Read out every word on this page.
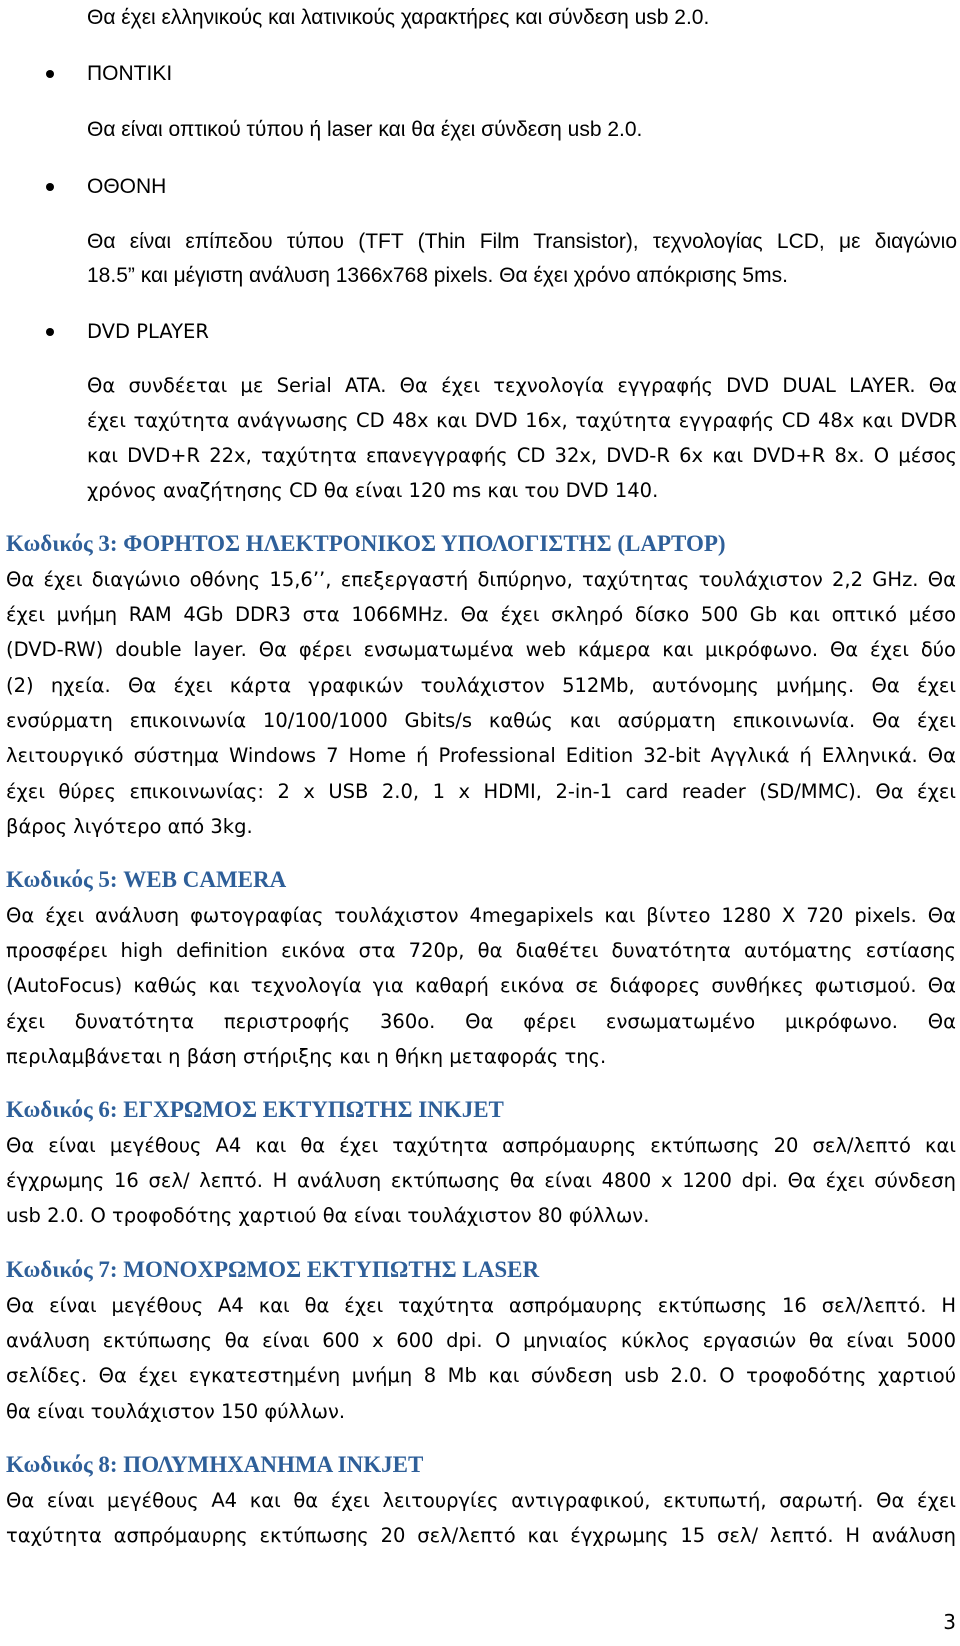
Θα έχει ελληνικούς και λατινικούς χαρακτήρες και σύνδεση usb 2.0.
ΠΟΝΤΙΚΙ
Θα είναι οπτικού τύπου ή laser και θα έχει σύνδεση usb 2.0.
ΟΘΟΝΗ
Θα είναι επίπεδου τύπου (TFT (Thin Film Transistor), τεχνολογίας LCD, με διαγώνιο
18.5” και μέγιστη ανάλυση 1366x768 pixels. Θα έχει χρόνο απόκρισης 5ms.
DVD PLAYER
Θα συνδέεται με Serial ATA. Θα έχει τεχνολογία εγγραφής DVD DUAL LAYER. Θα
έχει ταχύτητα ανάγνωσης CD 48x και DVD 16x, ταχύτητα εγγραφής CD 48x και DVDR
και DVD+R 22x, ταχύτητα επανεγγραφής CD 32x, DVD-R 6x και DVD+R 8x. Ο μέσος
χρόνος αναζήτησης CD θα είναι 120 ms και του DVD 140.
Κωδικός 3: ΦΟΡΗΤΟΣ ΗΛΕΚΤΡΟΝΙΚΟΣ ΥΠΟΛΟΓΙΣΤΗΣ (LAPTOP)
Θα έχει διαγώνιο οθόνης 15,6’’, επεξεργαστή διπύρηνο, ταχύτητας τουλάχιστον 2,2 GHz. Θα
έχει μνήμη RAM 4Gb DDR3 στα 1066MHz. Θα έχει σκληρό δίσκο 500 Gb και οπτικό μέσο
(DVD-RW) double layer. Θα φέρει ενσωματωμένα web κάμερα και μικρόφωνο. Θα έχει δύο
(2) ηχεία. Θα έχει κάρτα γραφικών τουλάχιστον 512Mb, αυτόνομης μνήμης. Θα έχει
ενσύρματη επικοινωνία 10/100/1000 Gbits/s καθώς και ασύρματη επικοινωνία. Θα έχει
λειτουργικό σύστημα Windows 7 Home ή Professional Edition 32-bit Αγγλικά ή Ελληνικά. Θα
έχει θύρες επικοινωνίας: 2 x USB 2.0, 1 x HDMI, 2-in-1 card reader (SD/MMC). Θα έχει
βάρος λιγότερο από 3kg.
Κωδικός 5: WEB CAMERA
Θα έχει ανάλυση φωτογραφίας τουλάχιστον 4megapixels και βίντεο 1280 X 720 pixels. Θα
προσφέρει high definition εικόνα στα 720p, θα διαθέτει δυνατότητα αυτόματης εστίασης
(AutoFocus) καθώς και τεχνολογία για καθαρή εικόνα σε διάφορες συνθήκες φωτισμού. Θα
έχει δυνατότητα περιστροφής 360ο. Θα φέρει ενσωματωμένο μικρόφωνο. Θα
περιλαμβάνεται η βάση στήριξης και η θήκη μεταφοράς της.
Κωδικός 6: ΕΓΧΡΩΜΟΣ ΕΚΤΥΠΩΤΗΣ INKJET
Θα είναι μεγέθους Α4 και θα έχει ταχύτητα ασπρόμαυρης εκτύπωσης 20 σελ/λεπτό και
έγχρωμης 16 σελ/ λεπτό. Η ανάλυση εκτύπωσης θα είναι 4800 x 1200 dpi. Θα έχει σύνδεση
usb 2.0. Ο τροφοδότης χαρτιού θα είναι τουλάχιστον 80 φύλλων.
Κωδικός 7: ΜΟΝΟΧΡΩΜΟΣ ΕΚΤΥΠΩΤΗΣ LASER
Θα είναι μεγέθους Α4 και θα έχει ταχύτητα ασπρόμαυρης εκτύπωσης 16 σελ/λεπτό. Η
ανάλυση εκτύπωσης θα είναι 600 x 600 dpi. Ο μηνιαίος κύκλος εργασιών θα είναι 5000
σελίδες. Θα έχει εγκατεστημένη μνήμη 8 Mb και σύνδεση usb 2.0. Ο τροφοδότης χαρτιού
θα είναι τουλάχιστον 150 φύλλων.
Κωδικός 8: ΠΟΛΥΜΗΧΑΝΗΜΑ INKJET
Θα είναι μεγέθους Α4 και θα έχει λειτουργίες αντιγραφικού, εκτυπωτή, σαρωτή. Θα έχει
ταχύτητα ασπρόμαυρης εκτύπωσης 20 σελ/λεπτό και έγχρωμης 15 σελ/ λεπτό. Η ανάλυση
3
